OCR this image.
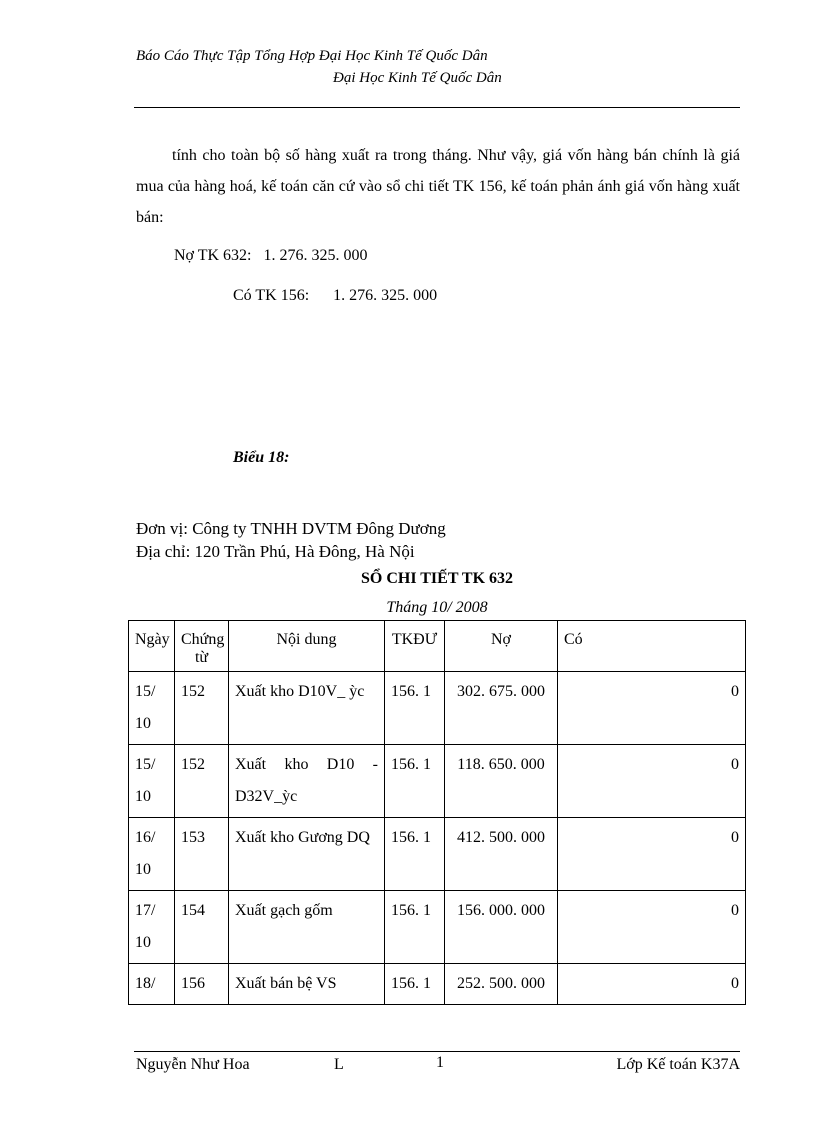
Báo Cáo Thực Tập Tổng Hợp Đại Học Kinh Tế Quốc Dân
Đại Học Kinh Tế Quốc Dân
tính cho toàn bộ số hàng xuất ra trong tháng. Như vậy, giá vốn hàng bán chính là giá mua của hàng hoá, kế toán căn cứ vào sổ chi tiết TK 156, kế toán phản ánh giá vốn hàng xuất bán:
Nợ TK 632: 1. 276. 325. 000
Có TK 156: 1. 276. 325. 000
Biểu 18:
Đơn vị: Công ty TNHH DVTM Đông Dương
Địa chỉ: 120 Trần Phú, Hà Đông, Hà Nội
SỔ CHI TIẾT TK 632
Tháng 10/ 2008
Ngày	Chứng từ	Nội dung	TKĐƯ	Nợ	Có
15/ 10	152	Xuất kho D10V_ ỳc	156. 1	302. 675. 000	0
15/ 10	152	Xuất kho D10 - D32V_ỳc	156. 1	118. 650. 000	0
16/ 10	153	Xuất kho Gương DQ	156. 1	412. 500. 000	0
17/ 10	154	Xuất gạch gốm	156. 1	156. 000. 000	0
18/	156	Xuất bán bệ VS	156. 1	252. 500. 000	0
Nguyễn Như Hoa	L	1	Lớp Kế toán K37A
